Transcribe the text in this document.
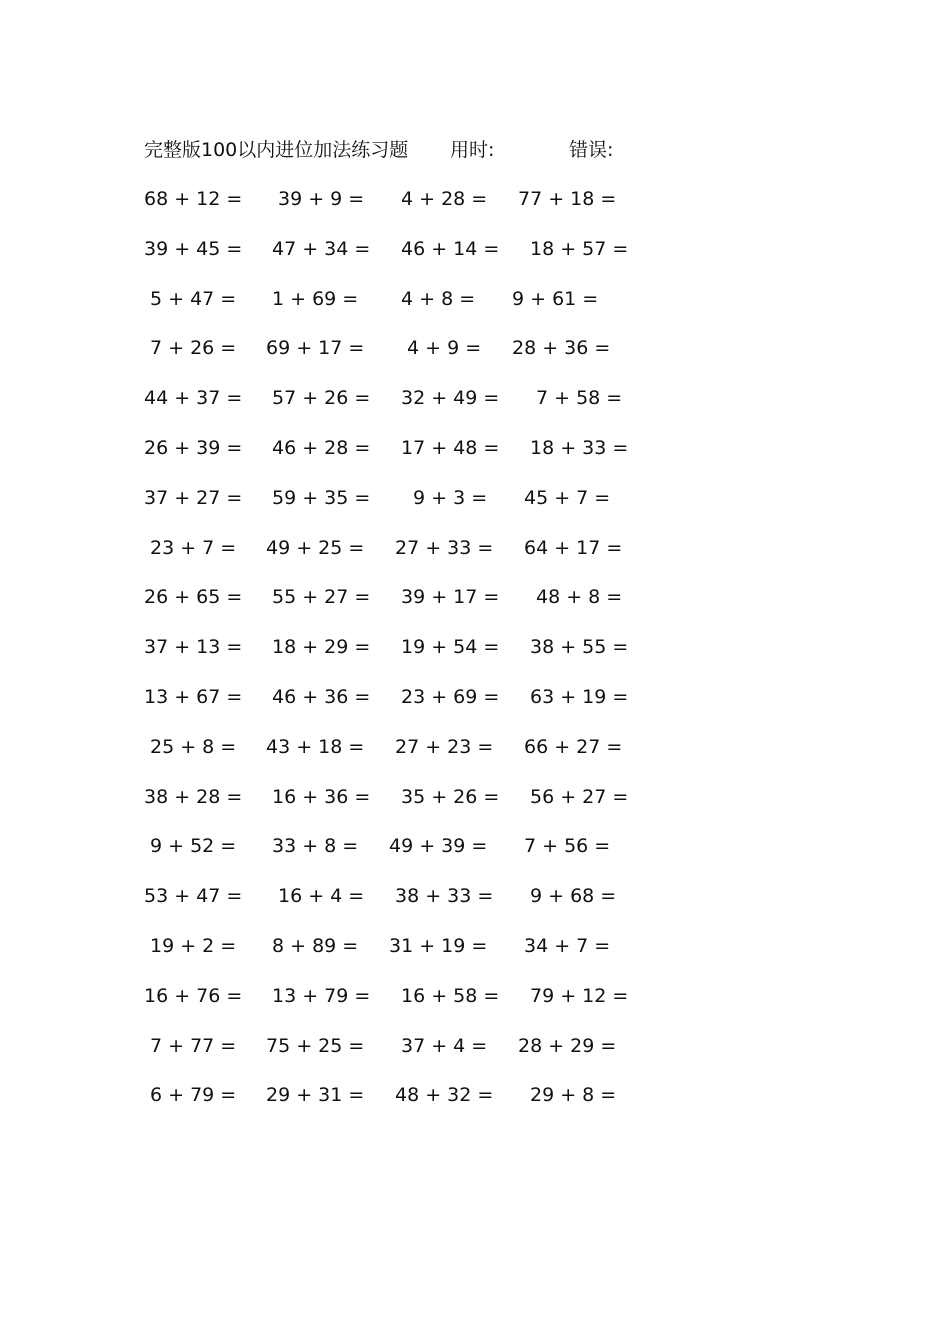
完整版100以内进位加法练习题 用时:	错误:
68 + 12 = 39 + 9 = 4 + 28 = 77 + 18 =
39 + 45 = 47 + 34 = 46 + 14 = 18 + 57 =
5 + 47 = 1 + 69 = 4 + 8 = 9 + 61 =
7 + 26 = 69 + 17 = 4 + 9 = 28 + 36 =
44 + 37 = 57 + 26 = 32 + 49 = 7 + 58 =
26 + 39 = 46 + 28 = 17 + 48 = 18 + 33 =
37 + 27 = 59 + 35 = 9 + 3 = 45 + 7 =
23 + 7 = 49 + 25 = 27 + 33 = 64 + 17 =
26 + 65 = 55 + 27 = 39 + 17 = 48 + 8 =
37 + 13 = 18 + 29 = 19 + 54 = 38 + 55 =
13 + 67 = 46 + 36 = 23 + 69 = 63 + 19 =
25 + 8 = 43 + 18 = 27 + 23 = 66 + 27 =
38 + 28 = 16 + 36 = 35 + 26 = 56 + 27 =
9 + 52 = 33 + 8 = 49 + 39 = 7 + 56 =
53 + 47 = 16 + 4 = 38 + 33 = 9 + 68 =
19 + 2 = 8 + 89 = 31 + 19 = 34 + 7 =
16 + 76 = 13 + 79 = 16 + 58 = 79 + 12 =
7 + 77 = 75 + 25 = 37 + 4 = 28 + 29 =
6 + 79 = 29 + 31 = 48 + 32 = 29 + 8 =
